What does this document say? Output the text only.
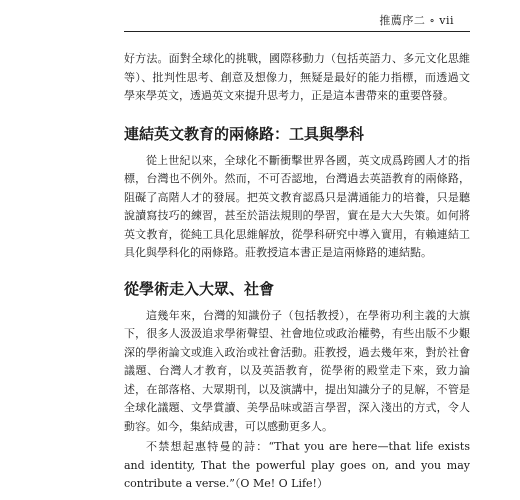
推薦序二 ∘ vii

好方法。面對全球化的挑戰，國際移動力（包括英語力、多元文化思維等）、批判性思考、創意及想像力，無疑是最好的能力指標，而透過文學來學英文，透過英文來提升思考力，正是這本書帶來的重要啓發。

連結英文教育的兩條路：工具與學科

從上世紀以來，全球化不斷衝擊世界各國，英文成爲跨國人才的指標，台灣也不例外。然而，不可否認地，台灣過去英語教育的兩條路，阻礙了高階人才的發展。把英文教育認爲只是溝通能力的培養，只是聽說讀寫技巧的練習，甚至於語法規則的學習，實在是大大失策。如何將英文教育，從純工具化思維解放，從學科研究中導入實用，有賴連結工具化與學科化的兩條路。莊教授這本書正是這兩條路的連結點。

從學術走入大眾、社會

這幾年來，台灣的知識份子（包括教授），在學術功利主義的大旗下，很多人汲汲追求學術聲望、社會地位或政治權勢，有些出版不少艱深的學術論文或進入政治或社會活動。莊教授，過去幾年來，對於社會議題、台灣人才教育，以及英語教育，從學術的殿堂走下來，致力論述，在部落格、大眾期刊，以及演講中，提出知識分子的見解，不管是全球化議題、文學賞讀、美學品味或語言學習，深入淺出的方式，令人動容。如今，集結成書，可以感動更多人。

不禁想起惠特曼的詩：“That you are here—that life exists and identity, That the powerful play goes on, and you may contribute a verse.”（O Me! O Life!）
